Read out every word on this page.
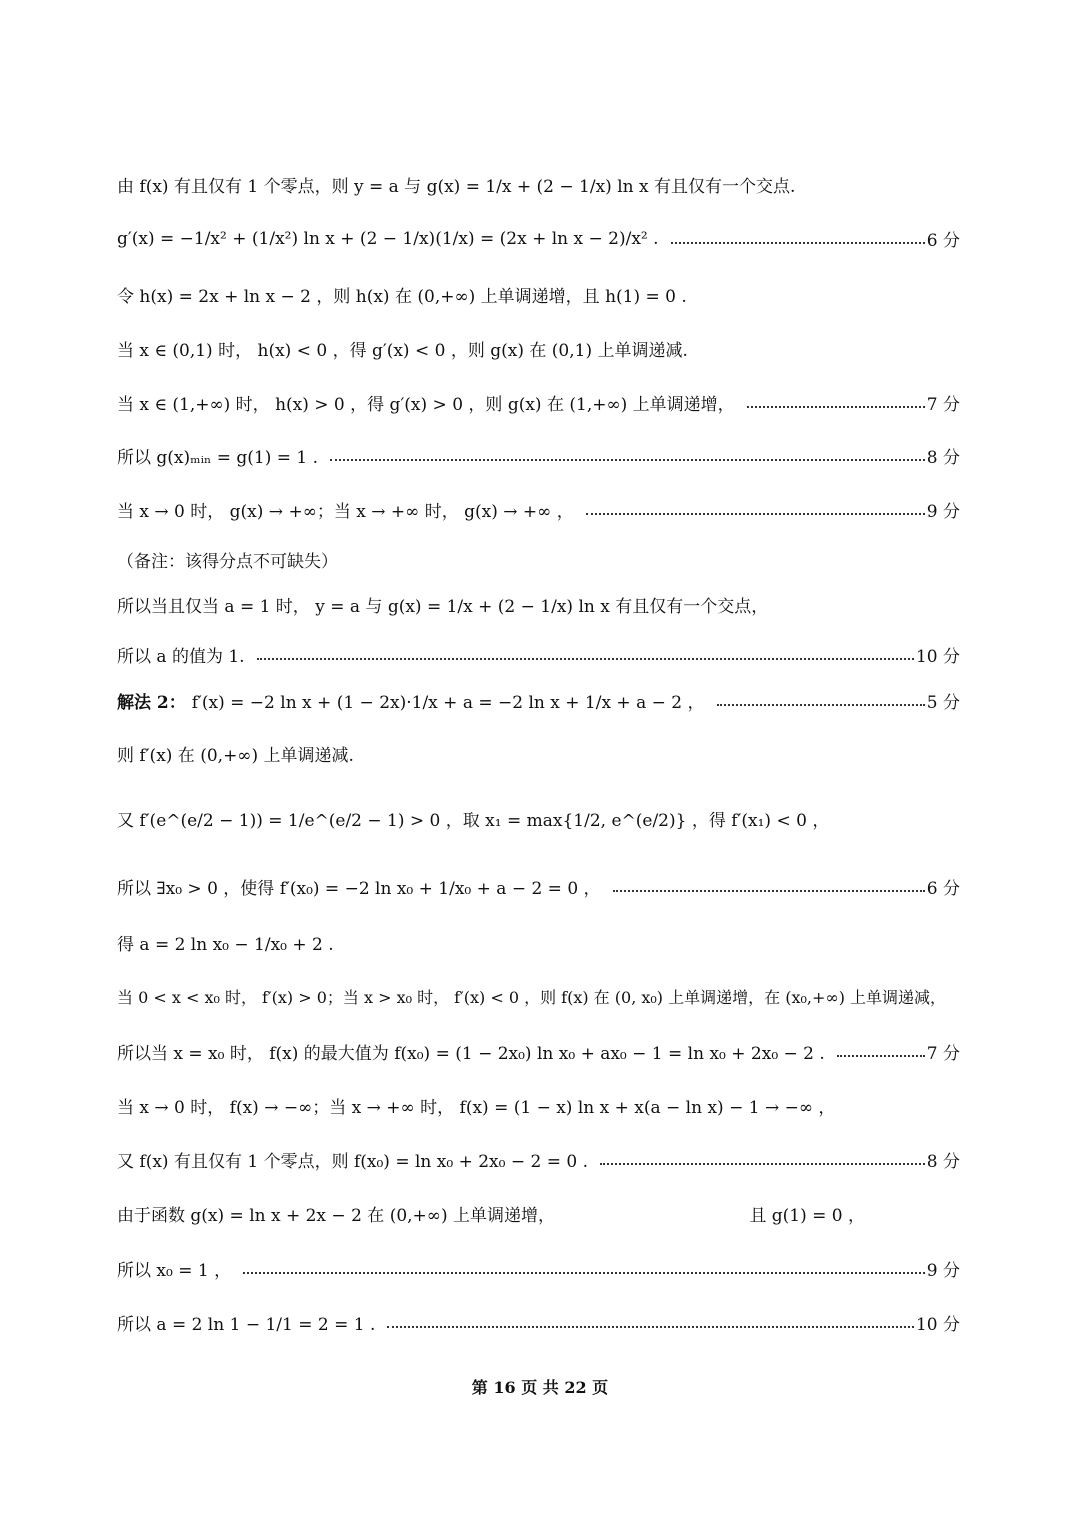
由 f(x) 有且仅有 1 个零点，则 y = a 与 g(x) = 1/x + (2 − 1/x) ln x 有且仅有一个交点.
g′(x) = −1/x² + (1/x²) ln x + (2 − 1/x)(1/x) = (2x + ln x − 2)/x² .	6 分
令 h(x) = 2x + ln x − 2 ，则 h(x) 在 (0,+∞) 上单调递增，且 h(1) = 0 .
当 x ∈ (0,1) 时， h(x) < 0 ，得 g′(x) < 0 ，则 g(x) 在 (0,1) 上单调递减.
当 x ∈ (1,+∞) 时， h(x) > 0 ，得 g′(x) > 0 ，则 g(x) 在 (1,+∞) 上单调递增，	7 分
所以 g(x)ₘᵢₙ = g(1) = 1 .	8 分
当 x → 0 时， g(x) → +∞；当 x → +∞ 时， g(x) → +∞ ，	9 分
（备注：该得分点不可缺失）
所以当且仅当 a = 1 时， y = a 与 g(x) = 1/x + (2 − 1/x) ln x 有且仅有一个交点，
所以 a 的值为 1.	10 分
解法 2： f′(x) = −2 ln x + (1 − 2x)·1/x + a = −2 ln x + 1/x + a − 2 ，	5 分
则 f′(x) 在 (0,+∞) 上单调递减.
又 f′(e^(e/2 − 1)) = 1/e^(e/2 − 1) > 0 ，取 x₁ = max{1/2, e^(e/2)} ，得 f′(x₁) < 0 ，
所以 ∃x₀ > 0 ，使得 f′(x₀) = −2 ln x₀ + 1/x₀ + a − 2 = 0 ，	6 分
得 a = 2 ln x₀ − 1/x₀ + 2 .
当 0 < x < x₀ 时， f′(x) > 0；当 x > x₀ 时， f′(x) < 0 ，则 f(x) 在 (0, x₀) 上单调递增，在 (x₀,+∞) 上单调递减，
所以当 x = x₀ 时， f(x) 的最大值为 f(x₀) = (1 − 2x₀) ln x₀ + ax₀ − 1 = ln x₀ + 2x₀ − 2 .	7 分
当 x → 0 时， f(x) → −∞；当 x → +∞ 时， f(x) = (1 − x) ln x + x(a − ln x) − 1 → −∞ ，
又 f(x) 有且仅有 1 个零点，则 f(x₀) = ln x₀ + 2x₀ − 2 = 0 .	8 分
由于函数 g(x) = ln x + 2x − 2 在 (0,+∞) 上单调递增，	且 g(1) = 0 ，
所以 x₀ = 1 ，	9 分
所以 a = 2 ln 1 − 1/1 = 2 = 1 .	10 分
第 16 页 共 22 页
